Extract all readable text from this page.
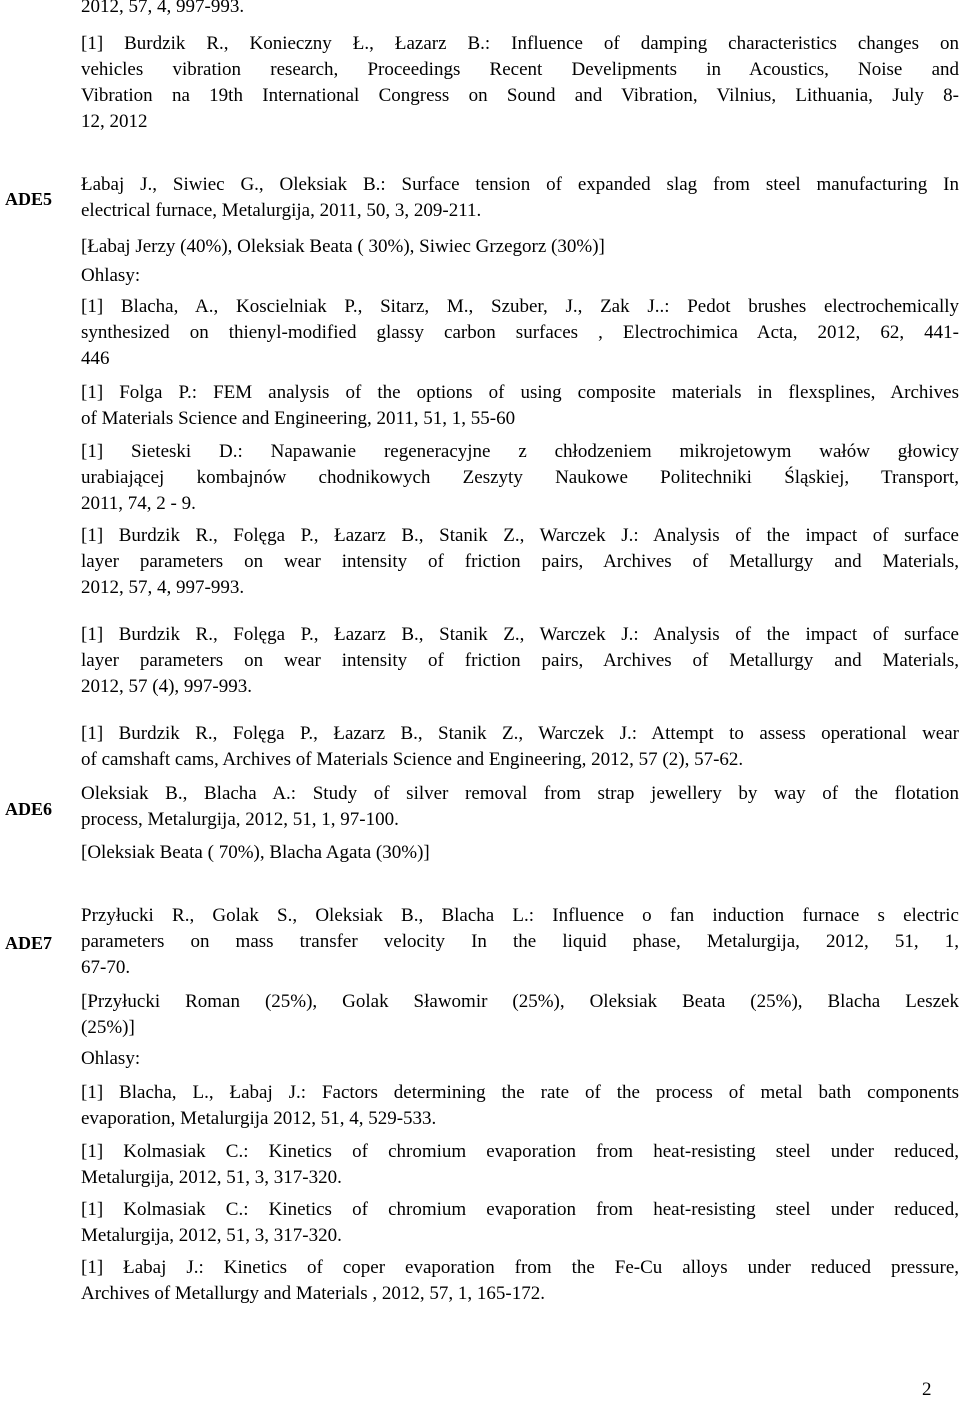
2012, 57, 4, 997-993.
[1] Burdzik R., Konieczny Ł., Łazarz B.: Influence of damping characteristics changes on
vehicles vibration research, Proceedings Recent Develipments in Acoustics, Noise and
Vibration na 19th International Congress on Sound and Vibration, Vilnius, Lithuania, July 8-
12, 2012
ADE5
Łabaj J., Siwiec G., Oleksiak B.: Surface tension of expanded slag from steel manufacturing In
electrical furnace, Metalurgija, 2011, 50, 3, 209-211.
[Łabaj Jerzy (40%), Oleksiak Beata ( 30%), Siwiec Grzegorz (30%)]
Ohlasy:
[1] Blacha, A., Koscielniak P., Sitarz, M., Szuber, J., Zak J..: Pedot brushes electrochemically
synthesized on thienyl-modified glassy carbon surfaces , Electrochimica Acta, 2012, 62, 441-
446
[1] Folga P.: FEM analysis of the options of using composite materials in flexsplines, Archives
of Materials Science and Engineering, 2011, 51, 1, 55-60
[1] Sieteski D.: Napawanie regeneracyjne z chłodzeniem mikrojetowym wałów głowicy
urabiającej kombajnów chodnikowych Zeszyty Naukowe Politechniki Śląskiej, Transport,
2011, 74, 2 - 9.
[1] Burdzik R., Folęga P., Łazarz B., Stanik Z., Warczek J.: Analysis of the impact of surface
layer parameters on wear intensity of friction pairs, Archives of Metallurgy and Materials,
2012, 57, 4, 997-993.
[1] Burdzik R., Folęga P., Łazarz B., Stanik Z., Warczek J.: Analysis of the impact of surface
layer parameters on wear intensity of friction pairs, Archives of Metallurgy and Materials,
2012, 57 (4), 997-993.
[1] Burdzik R., Folęga P., Łazarz B., Stanik Z., Warczek J.: Attempt to assess operational wear
of camshaft cams, Archives of Materials Science and Engineering, 2012, 57 (2), 57-62.
ADE6
Oleksiak B., Blacha A.: Study of silver removal from strap jewellery by way of the flotation
process, Metalurgija, 2012, 51, 1, 97-100.
[Oleksiak Beata ( 70%), Blacha Agata (30%)]
ADE7
Przyłucki R., Golak S., Oleksiak B., Blacha L.: Influence o fan induction furnace s electric
parameters on mass transfer velocity In the liquid phase, Metalurgija, 2012, 51, 1,
67-70.
[Przyłucki Roman (25%), Golak Sławomir (25%), Oleksiak Beata (25%), Blacha Leszek
(25%)]
Ohlasy:
[1] Blacha, L., Łabaj J.: Factors determining the rate of the process of metal bath components
evaporation, Metalurgija 2012, 51, 4, 529-533.
[1] Kolmasiak C.: Kinetics of chromium evaporation from heat-resisting steel under reduced,
Metalurgija, 2012, 51, 3, 317-320.
[1] Kolmasiak C.: Kinetics of chromium evaporation from heat-resisting steel under reduced,
Metalurgija, 2012, 51, 3, 317-320.
[1] Łabaj J.: Kinetics of coper evaporation from the Fe-Cu alloys under reduced pressure,
Archives of Metallurgy and Materials , 2012, 57, 1, 165-172.
2
